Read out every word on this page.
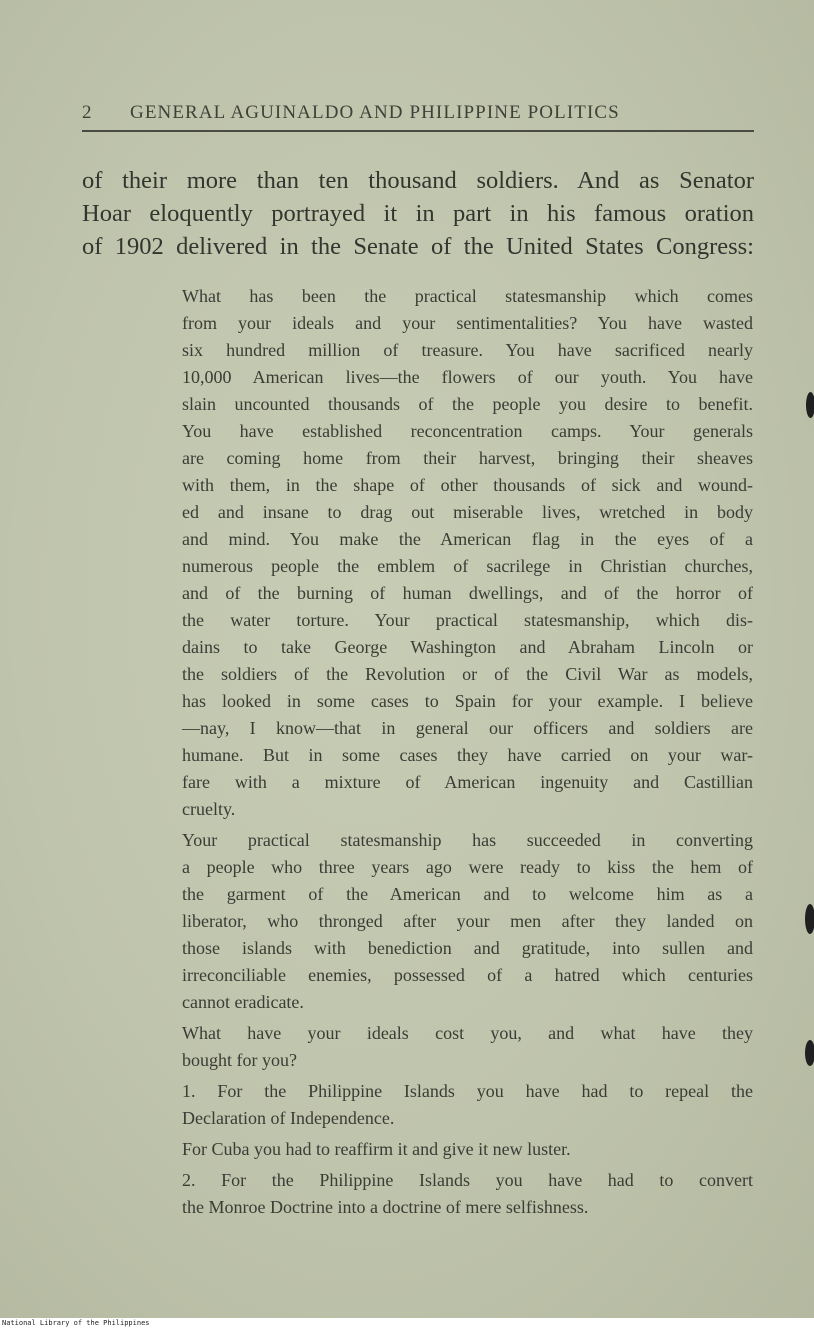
2 GENERAL AGUINALDO AND PHILIPPINE POLITICS
of their more than ten thousand soldiers. And as Senator
Hoar eloquently portrayed it in part in his famous oration
of 1902 delivered in the Senate of the United States Congress:

What has been the practical statesmanship which comes
from your ideals and your sentimentalities? You have wasted
six hundred million of treasure. You have sacrificed nearly
10,000 American lives—the flowers of our youth. You have
slain uncounted thousands of the people you desire to benefit.
You have established reconcentration camps. Your generals
are coming home from their harvest, bringing their sheaves
with them, in the shape of other thousands of sick and wound-
ed and insane to drag out miserable lives, wretched in body
and mind. You make the American flag in the eyes of a
numerous people the emblem of sacrilege in Christian churches,
and of the burning of human dwellings, and of the horror of
the water torture. Your practical statesmanship, which dis-
dains to take George Washington and Abraham Lincoln or
the soldiers of the Revolution or of the Civil War as models,
has looked in some cases to Spain for your example. I believe
—nay, I know—that in general our officers and soldiers are
humane. But in some cases they have carried on your war-
fare with a mixture of American ingenuity and Castillian
cruelty.

Your practical statesmanship has succeeded in converting
a people who three years ago were ready to kiss the hem of
the garment of the American and to welcome him as a
liberator, who thronged after your men after they landed on
those islands with benediction and gratitude, into sullen and
irreconciliable enemies, possessed of a hatred which centuries
cannot eradicate.

What have your ideals cost you, and what have they
bought for you?

1. For the Philippine Islands you have had to repeal the
Declaration of Independence.

For Cuba you had to reaffirm it and give it new luster.

2. For the Philippine Islands you have had to convert
the Monroe Doctrine into a doctrine of mere selfishness.

National Library of the Philippines
